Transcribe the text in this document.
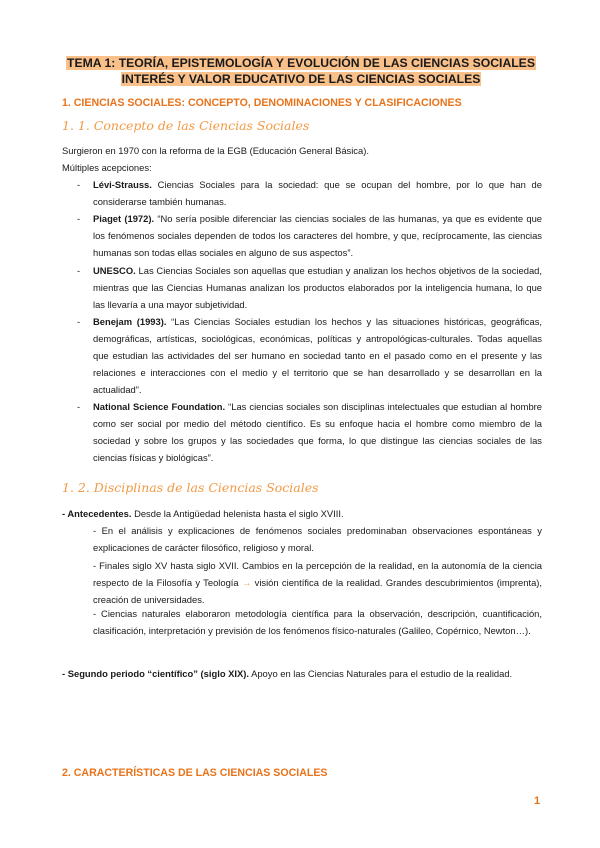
TEMA 1: TEORÍA, EPISTEMOLOGÍA Y EVOLUCIÓN DE LAS CIENCIAS SOCIALES
INTERÉS Y VALOR EDUCATIVO DE LAS CIENCIAS SOCIALES
1. CIENCIAS SOCIALES: CONCEPTO, DENOMINACIONES Y CLASIFICACIONES
1. 1. Concepto de las Ciencias Sociales
Surgieron en 1970 con la reforma de la EGB (Educación General Básica).
Múltiples acepciones:
- Lévi-Strauss. Ciencias Sociales para la sociedad: que se ocupan del hombre, por lo que han de considerarse también humanas.
- Piaget (1972). “No sería posible diferenciar las ciencias sociales de las humanas, ya que es evidente que los fenómenos sociales dependen de todos los caracteres del hombre, y que, recíprocamente, las ciencias humanas son todas ellas sociales en alguno de sus aspectos”.
- UNESCO. Las Ciencias Sociales son aquellas que estudian y analizan los hechos objetivos de la sociedad, mientras que las Ciencias Humanas analizan los productos elaborados por la inteligencia humana, lo que las llevaría a una mayor subjetividad.
- Benejam (1993). “Las Ciencias Sociales estudian los hechos y las situaciones históricas, geográficas, demográficas, artísticas, sociológicas, económicas, políticas y antropológicas-culturales. Todas aquellas que estudian las actividades del ser humano en sociedad tanto en el pasado como en el presente y las relaciones e interacciones con el medio y el territorio que se han desarrollado y se desarrollan en la actualidad”.
- National Science Foundation. “Las ciencias sociales son disciplinas intelectuales que estudian al hombre como ser social por medio del método científico. Es su enfoque hacia el hombre como miembro de la sociedad y sobre los grupos y las sociedades que forma, lo que distingue las ciencias sociales de las ciencias físicas y biológicas”.
1. 2. Disciplinas de las Ciencias Sociales
- Antecedentes. Desde la Antigüedad helenista hasta el siglo XVIII.
- En el análisis y explicaciones de fenómenos sociales predominaban observaciones espontáneas y explicaciones de carácter filosófico, religioso y moral.
- Finales siglo XV hasta siglo XVII. Cambios en la percepción de la realidad, en la autonomía de la ciencia respecto de la Filosofía y Teología → visión científica de la realidad. Grandes descubrimientos (imprenta), creación de universidades.
- Ciencias naturales elaboraron metodología científica para la observación, descripción, cuantificación, clasificación, interpretación y previsión de los fenómenos físico-naturales (Galileo, Copérnico, Newton…).
- Segundo periodo “científico” (siglo XIX). Apoyo en las Ciencias Naturales para el estudio de la realidad.
2. CARACTERÍSTICAS DE LAS CIENCIAS SOCIALES
1
